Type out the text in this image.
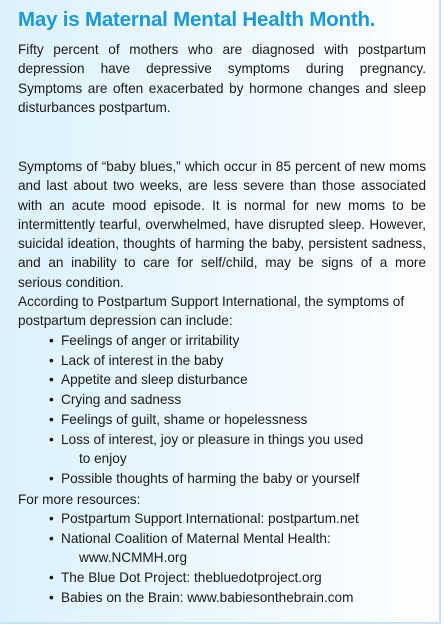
May is Maternal Mental Health Month.
Fifty percent of mothers who are diagnosed with postpartum depression have depressive symptoms during pregnancy. Symptoms are often exacerbated by hormone changes and sleep disturbances postpartum.
Symptoms of “baby blues,” which occur in 85 percent of new moms and last about two weeks, are less severe than those associated with an acute mood episode. It is normal for new moms to be intermittently tearful, overwhelmed, have disrupted sleep. However, suicidal ideation, thoughts of harming the baby, persistent sadness, and an inability to care for self/child, may be signs of a more serious condition.
According to Postpartum Support International, the symptoms of postpartum depression can include:
• Feelings of anger or irritability
• Lack of interest in the baby
• Appetite and sleep disturbance
• Crying and sadness
• Feelings of guilt, shame or hopelessness
• Loss of interest, joy or pleasure in things you used
to enjoy
• Possible thoughts of harming the baby or yourself
For more resources:
• Postpartum Support International: postpartum.net
• National Coalition of Maternal Mental Health:
www.NCMMH.org
• The Blue Dot Project: thebluedotproject.org
• Babies on the Brain: www.babiesonthebrain.com
